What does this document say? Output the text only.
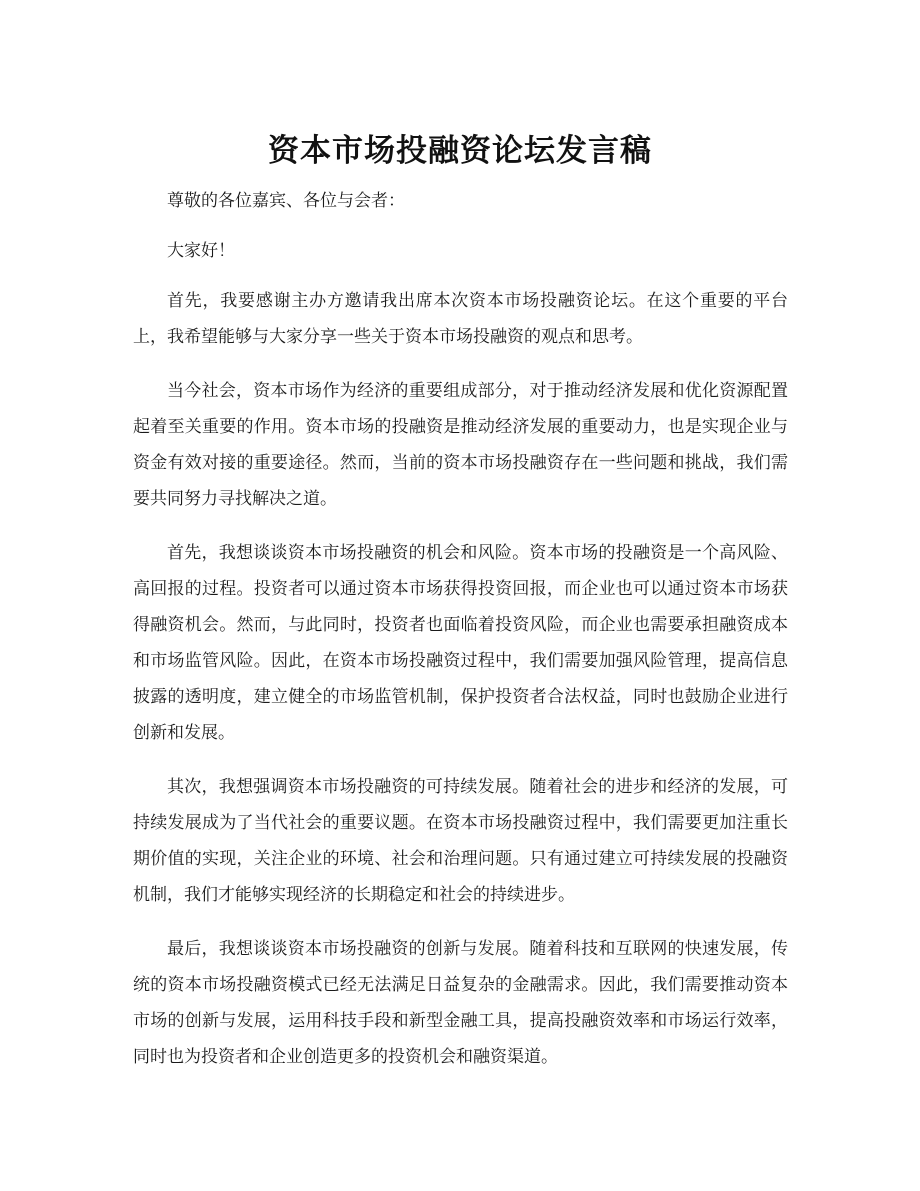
资本市场投融资论坛发言稿

尊敬的各位嘉宾、各位与会者：

大家好！

首先，我要感谢主办方邀请我出席本次资本市场投融资论坛。在这个重要的平台上，我希望能够与大家分享一些关于资本市场投融资的观点和思考。

当今社会，资本市场作为经济的重要组成部分，对于推动经济发展和优化资源配置起着至关重要的作用。资本市场的投融资是推动经济发展的重要动力，也是实现企业与资金有效对接的重要途径。然而，当前的资本市场投融资存在一些问题和挑战，我们需要共同努力寻找解决之道。

首先，我想谈谈资本市场投融资的机会和风险。资本市场的投融资是一个高风险、高回报的过程。投资者可以通过资本市场获得投资回报，而企业也可以通过资本市场获得融资机会。然而，与此同时，投资者也面临着投资风险，而企业也需要承担融资成本和市场监管风险。因此，在资本市场投融资过程中，我们需要加强风险管理，提高信息披露的透明度，建立健全的市场监管机制，保护投资者合法权益，同时也鼓励企业进行创新和发展。

其次，我想强调资本市场投融资的可持续发展。随着社会的进步和经济的发展，可持续发展成为了当代社会的重要议题。在资本市场投融资过程中，我们需要更加注重长期价值的实现，关注企业的环境、社会和治理问题。只有通过建立可持续发展的投融资机制，我们才能够实现经济的长期稳定和社会的持续进步。

最后，我想谈谈资本市场投融资的创新与发展。随着科技和互联网的快速发展，传统的资本市场投融资模式已经无法满足日益复杂的金融需求。因此，我们需要推动资本市场的创新与发展，运用科技手段和新型金融工具，提高投融资效率和市场运行效率，同时也为投资者和企业创造更多的投资机会和融资渠道。
